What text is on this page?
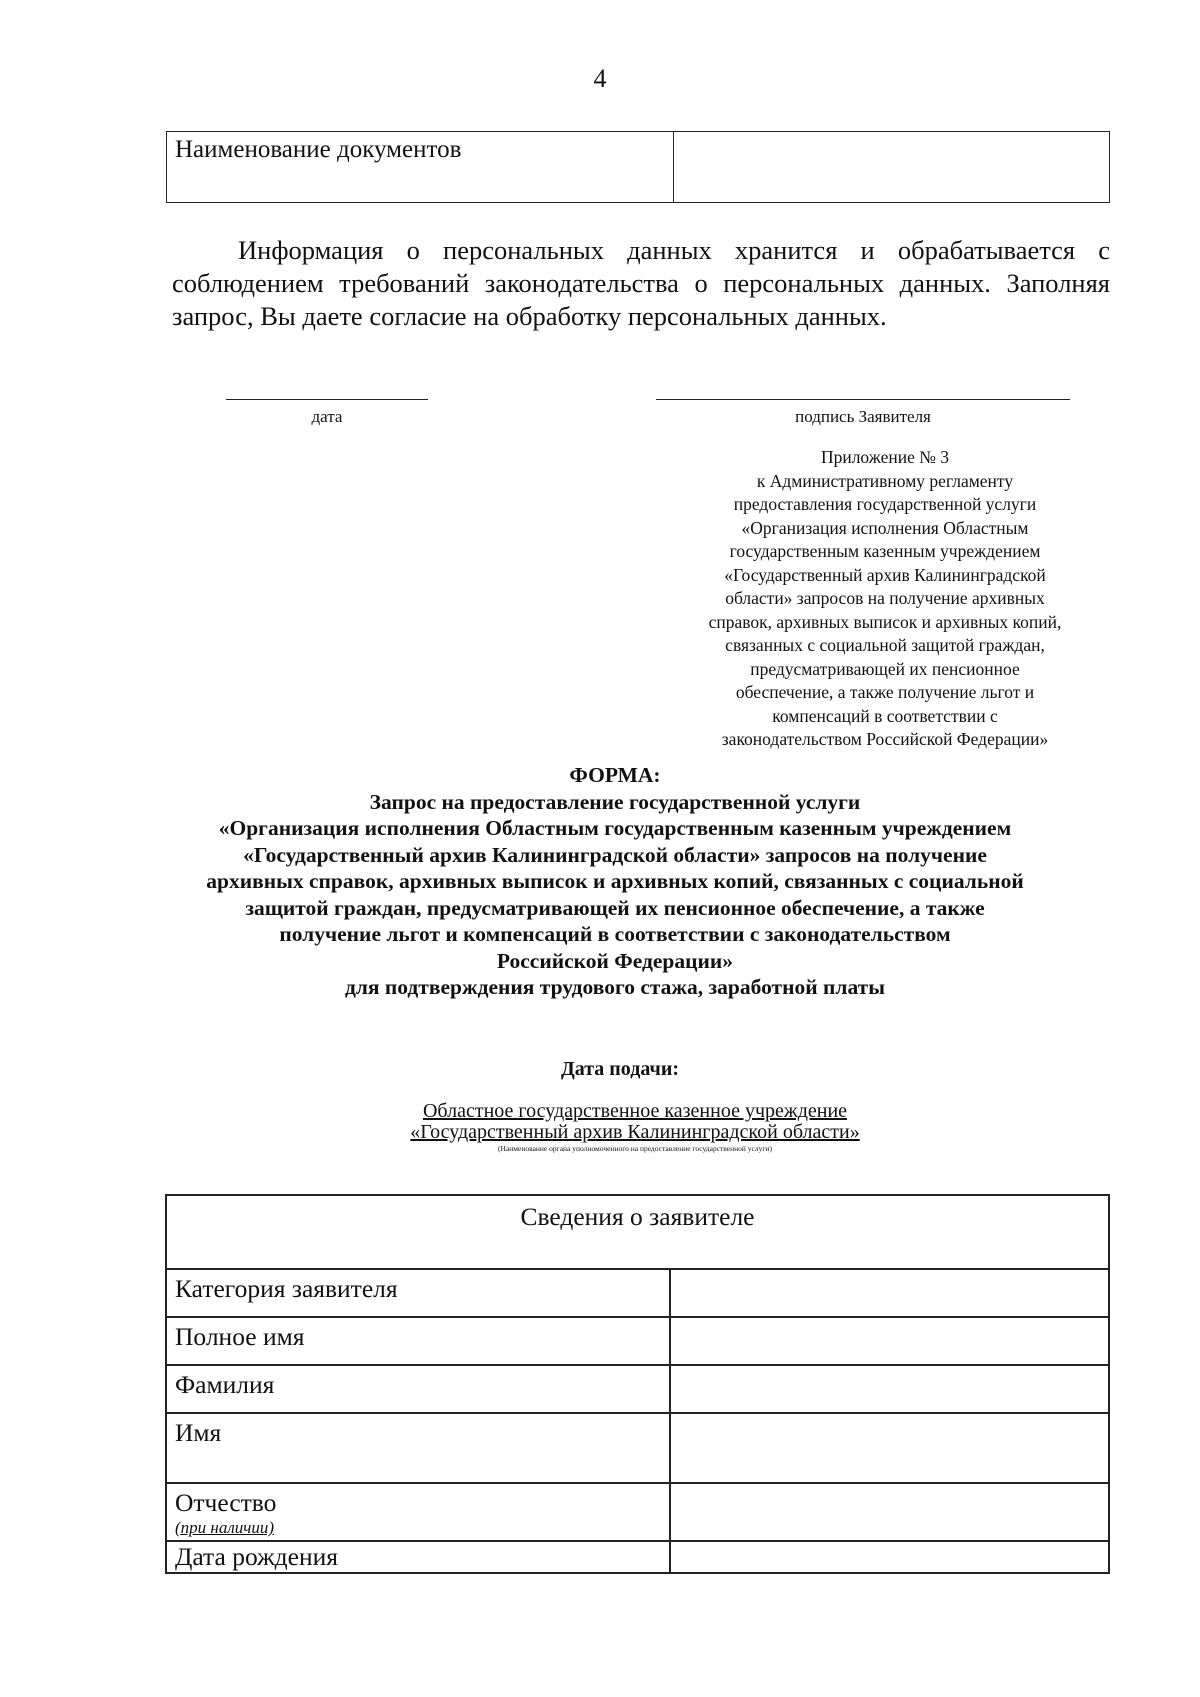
4
Наименование документов	
Информация о персональных данных хранится и обрабатывается с соблюдением требований законодательства о персональных данных. Заполняя запрос, Вы даете согласие на обработку персональных данных.
дата	подпись Заявителя
Приложение № 3
к Административному регламенту
предоставления государственной услуги
«Организация исполнения Областным
государственным казенным учреждением
«Государственный архив Калининградской
области» запросов на получение архивных
справок, архивных выписок и архивных копий,
связанных с социальной защитой граждан,
предусматривающей их пенсионное
обеспечение, а также получение льгот и
компенсаций в соответствии с
законодательством Российской Федерации»
ФОРМА:
Запрос на предоставление государственной услуги
«Организация исполнения Областным государственным казенным учреждением
«Государственный архив Калининградской области» запросов на получение
архивных справок, архивных выписок и архивных копий, связанных с социальной
защитой граждан, предусматривающей их пенсионное обеспечение, а также
получение льгот и компенсаций в соответствии с законодательством
Российской Федерации»
для подтверждения трудового стажа, заработной платы
Дата подачи:
Областное государственное казенное учреждение
«Государственный архив Калининградской области»
(Наименование органа уполномоченного на предоставление государственной услуги)
Сведения о заявителе	
Категория заявителя	
Полное имя	
Фамилия	
Имя	
Отчество
(при наличии)	

Дата рождения	
